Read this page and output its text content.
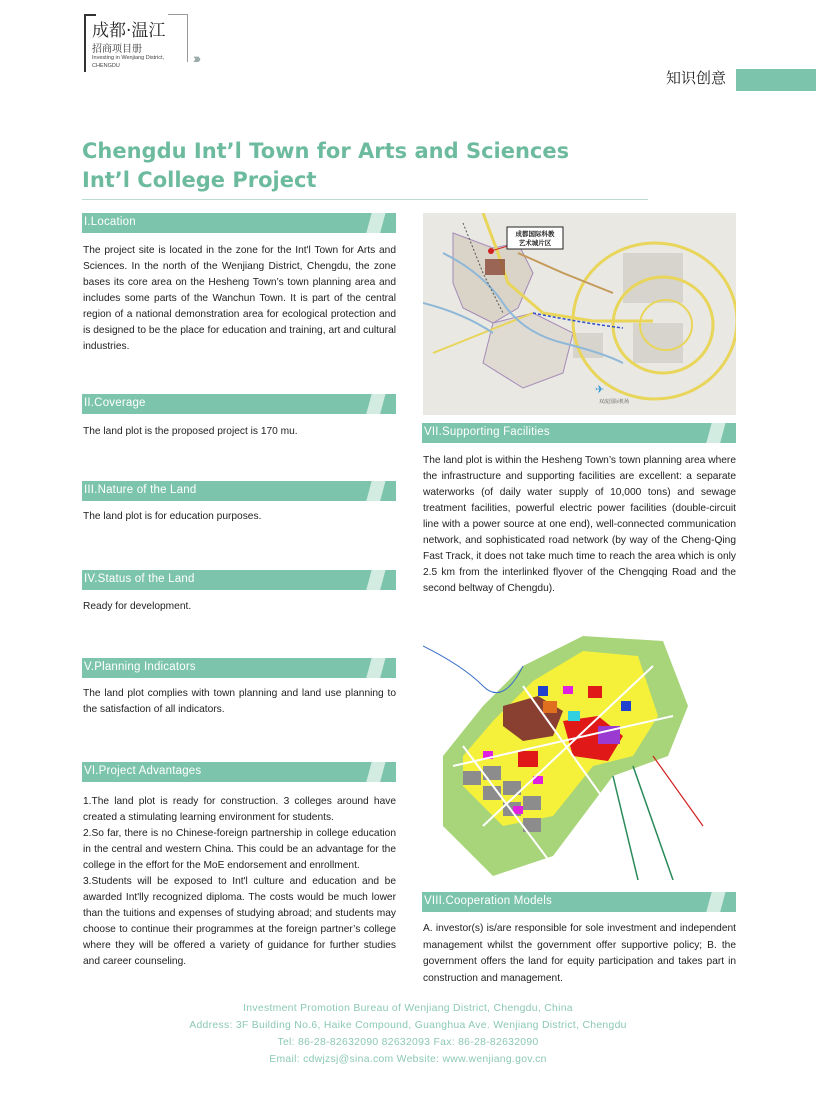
成都·温江
招商项目册
Investing in Wenjiang District,
CHENGDU	›››
知识创意
Chengdu Int’l Town for Arts and Sciences
Int’l College Project
I.Location
The project site is located in the zone for the Int'l Town for Arts and Sciences. In the north of the Wenjiang District, Chengdu, the zone bases its core area on the Hesheng Town’s town planning area and includes some parts of the Wanchun Town. It is part of the central region of a national demonstration area for ecological protection and is designed to be the place for education and training, art and cultural industries.
II.Coverage
The land plot is the proposed project is 170 mu.
III.Nature of the Land
The land plot is for education purposes.
IV.Status of the Land
Ready for development.
V.Planning Indicators
The land plot complies with town planning and land use planning to the satisfaction of all indicators.
VI.Project Advantages

1.The land plot is ready for construction. 3 colleges around have created a stimulating learning environment for students.

2.So far, there is no Chinese-foreign partnership in college education in the central and western China. This could be an advantage for the college in the effort for the MoE endorsement and enrollment.

3.Students will be exposed to Int'l culture and education and be awarded Int'lly recognized diploma. The costs would be much lower than the tuitions and expenses of studying abroad; and students may choose to continue their programmes at the foreign partner’s college where they will be offered a variety of guidance for further studies and career counseling.

成都国际科教
艺术城片区
✈
双流国际机场
VII.Supporting Facilities
The land plot is within the Hesheng Town’s town planning area where the infrastructure and supporting facilities are excellent: a separate waterworks (of daily water supply of 10,000 tons) and sewage treatment facilities, powerful electric power facilities (double-circuit line with a power source at one end), well-connected communication network, and sophisticated road network (by way of the Cheng-Qing Fast Track, it does not take much time to reach the area which is only 2.5 km from the interlinked flyover of the Chengqing Road and the second beltway of Chengdu).
VIII.Cooperation Models
A. investor(s) is/are responsible for sole investment and independent management whilst the government offer supportive policy; B. the government offers the land for equity participation and takes part in construction and management.
Investment Promotion Bureau of Wenjiang District, Chengdu, China
Address: 3F Building No.6, Haike Compound, Guanghua Ave. Wenjiang District, Chengdu
Tel: 86-28-82632090 82632093 Fax: 86-28-82632090
Email: cdwjzsj@sina.com Website: www.wenjiang.gov.cn
